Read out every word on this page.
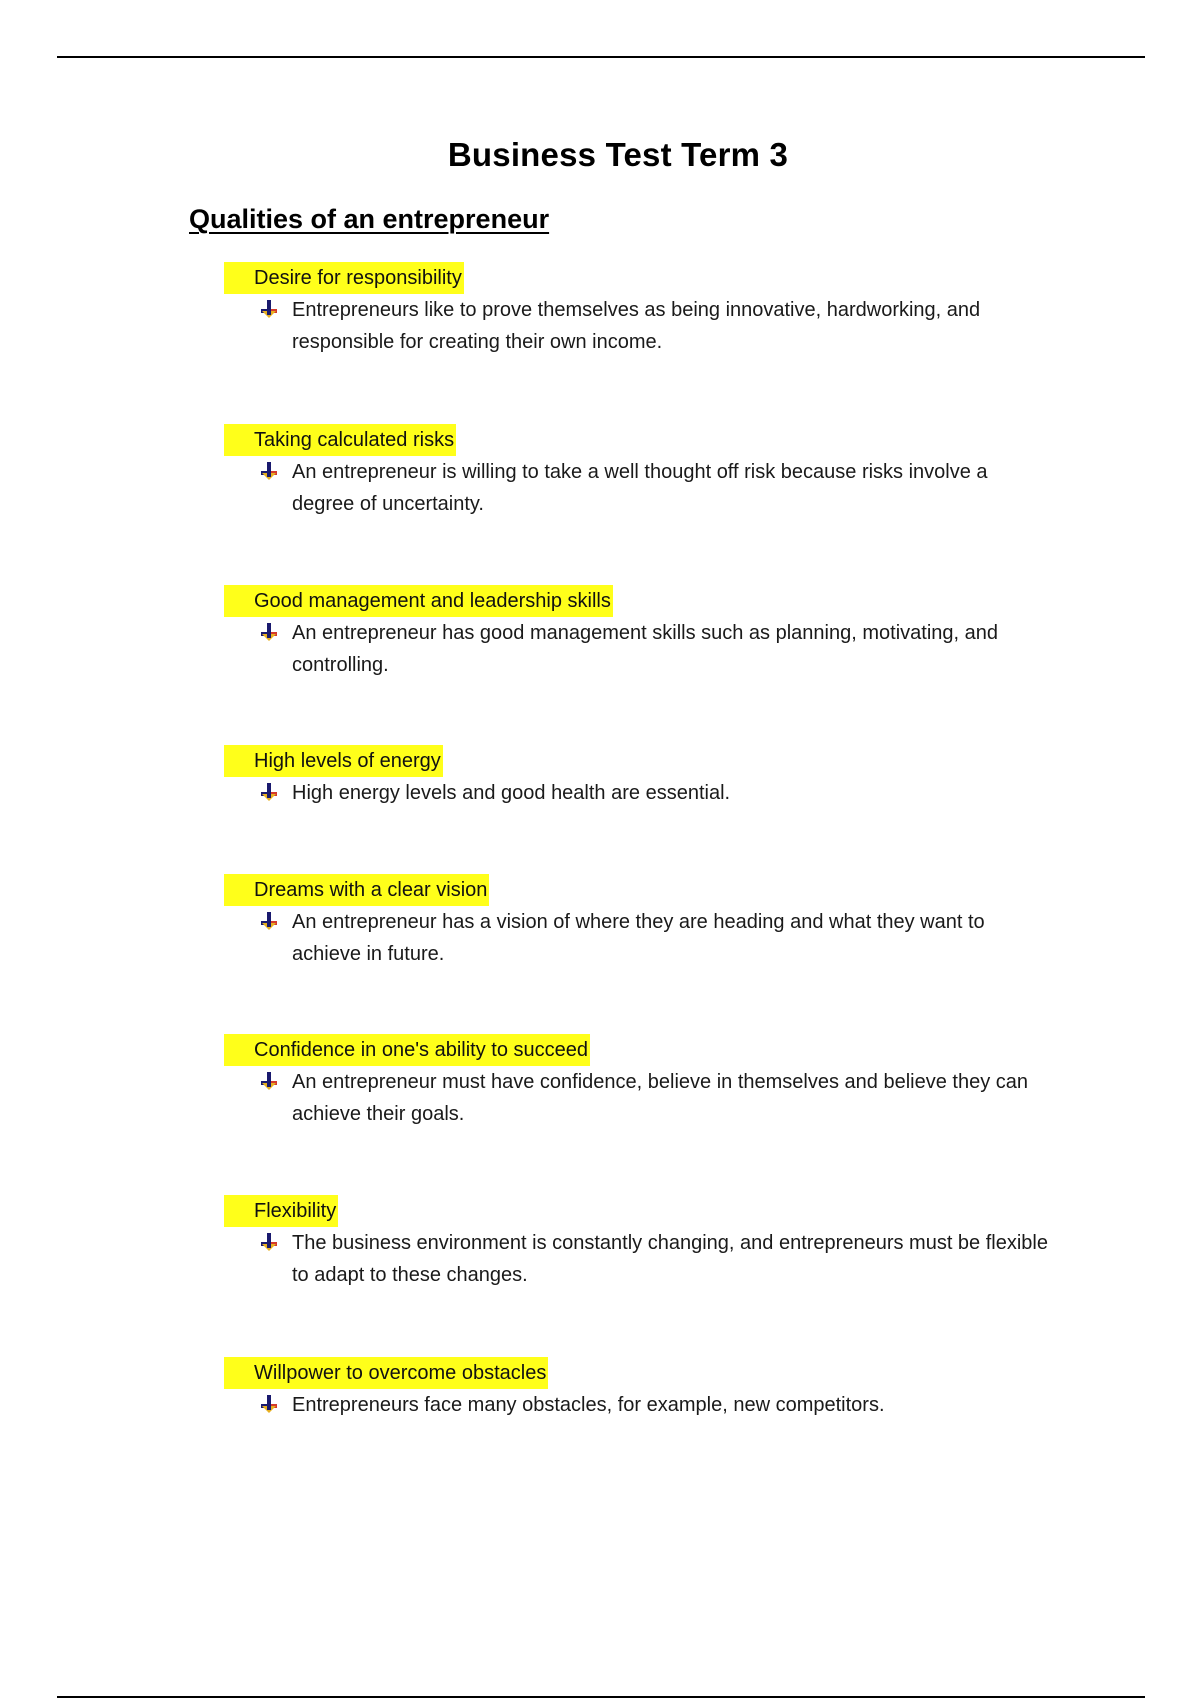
Business Test Term 3
Qualities of an entrepreneur
Desire for responsibility
Entrepreneurs like to prove themselves as being innovative, hardworking, and responsible for creating their own income.
Taking calculated risks
An entrepreneur is willing to take a well thought off risk because risks involve a degree of uncertainty.
Good management and leadership skills
An entrepreneur has good management skills such as planning, motivating, and controlling.
High levels of energy
High energy levels and good health are essential.
Dreams with a clear vision
An entrepreneur has a vision of where they are heading and what they want to achieve in future.
Confidence in one's ability to succeed
An entrepreneur must have confidence, believe in themselves and believe they can achieve their goals.
Flexibility
The business environment is constantly changing, and entrepreneurs must be flexible to adapt to these changes.
Willpower to overcome obstacles
Entrepreneurs face many obstacles, for example, new competitors.
